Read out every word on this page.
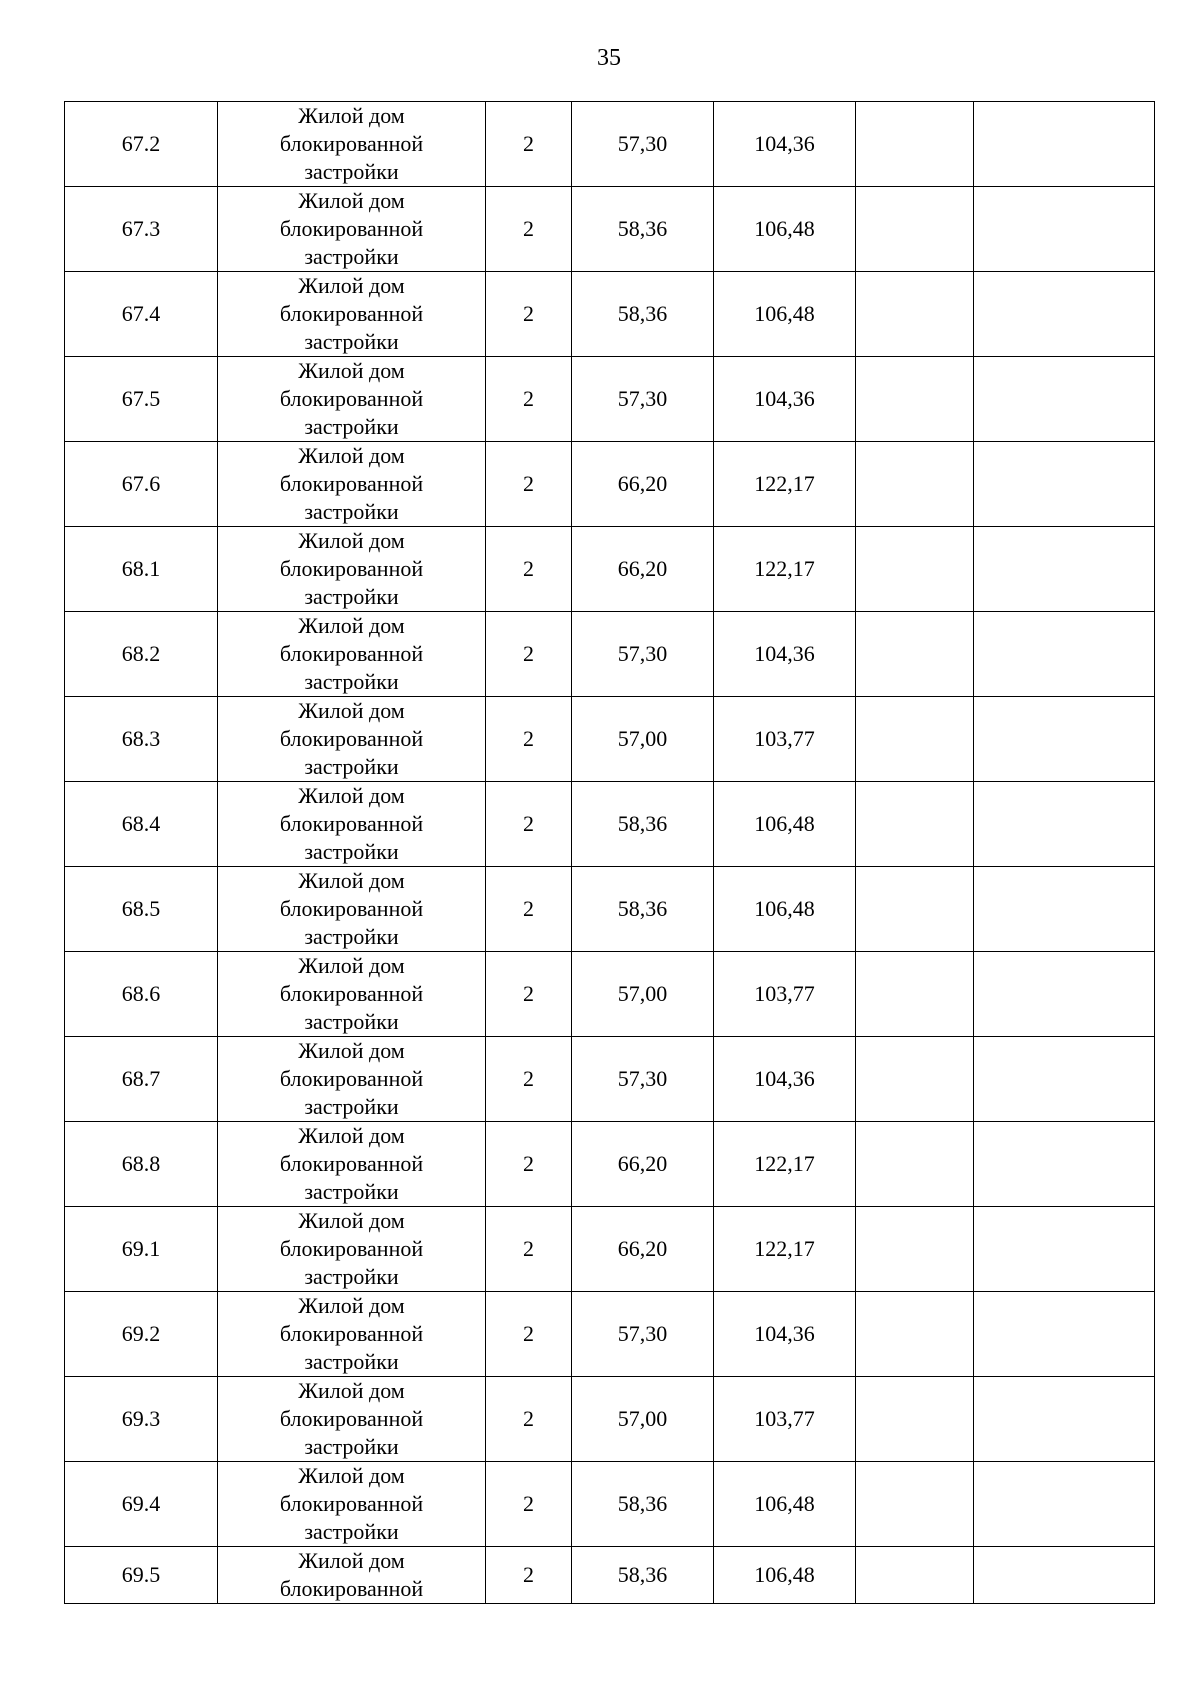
35
67.2	Жилой дом
блокированной
застройки	2	57,30	104,36		
67.3	Жилой дом
блокированной
застройки	2	58,36	106,48		
67.4	Жилой дом
блокированной
застройки	2	58,36	106,48		
67.5	Жилой дом
блокированной
застройки	2	57,30	104,36		
67.6	Жилой дом
блокированной
застройки	2	66,20	122,17		
68.1	Жилой дом
блокированной
застройки	2	66,20	122,17		
68.2	Жилой дом
блокированной
застройки	2	57,30	104,36		
68.3	Жилой дом
блокированной
застройки	2	57,00	103,77		
68.4	Жилой дом
блокированной
застройки	2	58,36	106,48		
68.5	Жилой дом
блокированной
застройки	2	58,36	106,48		
68.6	Жилой дом
блокированной
застройки	2	57,00	103,77		
68.7	Жилой дом
блокированной
застройки	2	57,30	104,36		
68.8	Жилой дом
блокированной
застройки	2	66,20	122,17		
69.1	Жилой дом
блокированной
застройки	2	66,20	122,17		
69.2	Жилой дом
блокированной
застройки	2	57,30	104,36		
69.3	Жилой дом
блокированной
застройки	2	57,00	103,77		
69.4	Жилой дом
блокированной
застройки	2	58,36	106,48		
69.5	Жилой дом
блокированной	2	58,36	106,48		
